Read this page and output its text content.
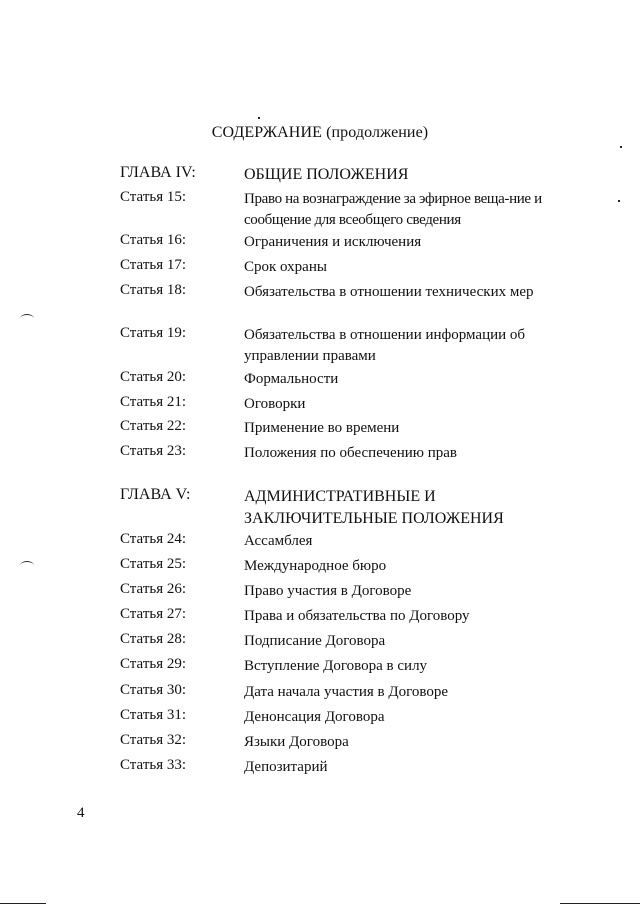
СОДЕРЖАНИЕ (продолжение)
ГЛАВА IV:	ОБЩИЕ ПОЛОЖЕНИЯ
Статья 15:	Право на вознаграждение за эфирное веща-ние и сообщение для всеобщего сведения
Статья 16:	Ограничения и исключения
Статья 17:	Срок охраны
Статья 18:	Обязательства в отношении технических мер
Статья 19:	Обязательства в отношении информации об управлении правами
Статья 20:	Формальности
Статья 21:	Оговорки
Статья 22:	Применение во времени
Статья 23:	Положения по обеспечению прав
ГЛАВА V:	АДМИНИСТРАТИВНЫЕ И ЗАКЛЮЧИТЕЛЬНЫЕ ПОЛОЖЕНИЯ
Статья 24:	Ассамблея
Статья 25:	Международное бюро
Статья 26:	Право участия в Договоре
Статья 27:	Права и обязательства по Договору
Статья 28:	Подписание Договора
Статья 29:	Вступление Договора в силу
Статья 30:	Дата начала участия в Договоре
Статья 31:	Денонсация Договора
Статья 32:	Языки Договора
Статья 33:	Депозитарий
4
